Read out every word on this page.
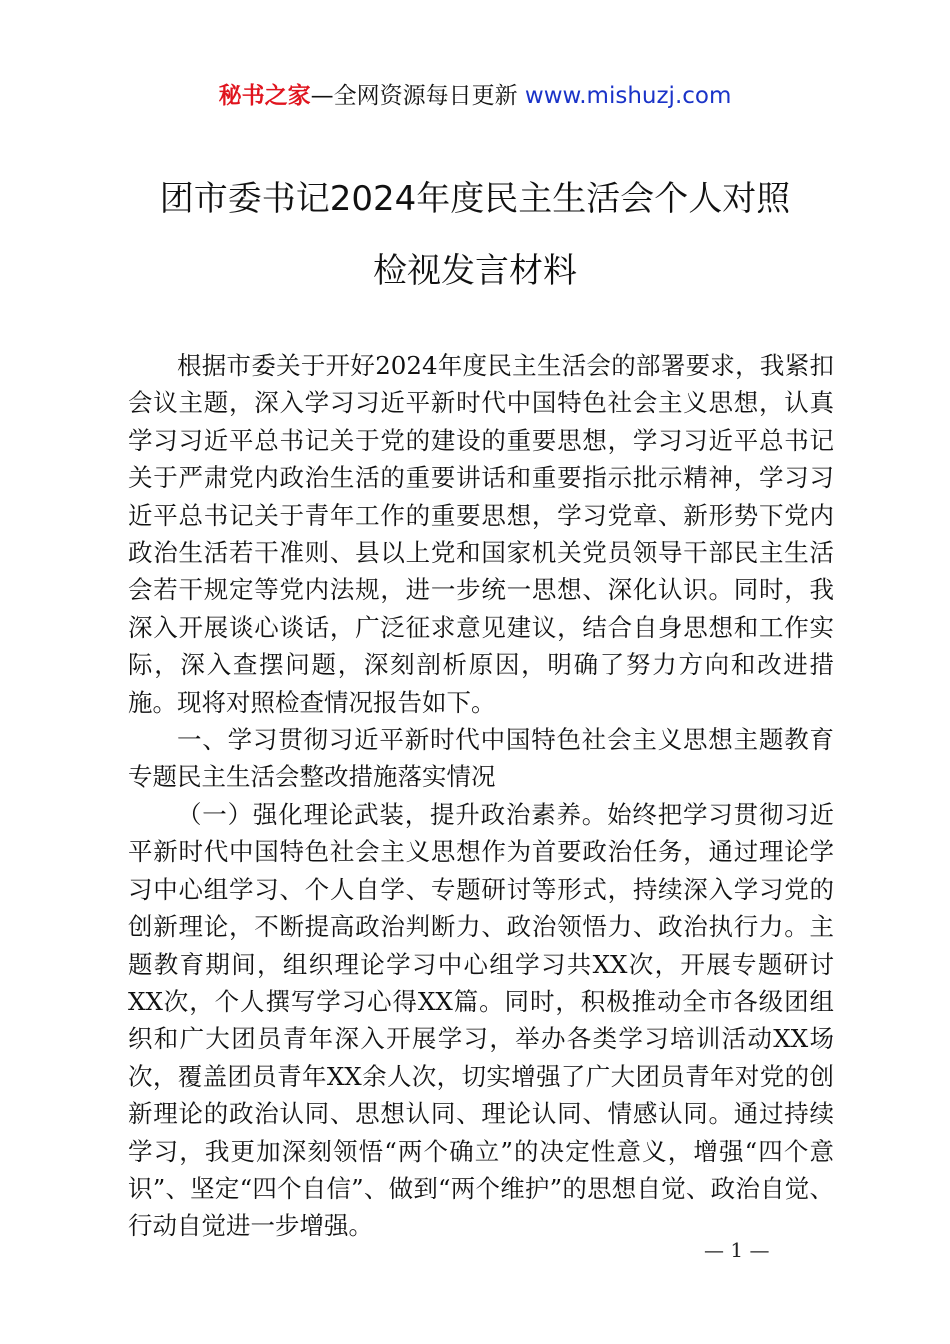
秘书之家—全网资源每日更新 www.mishuzj.com
团市委书记2024年度民主生活会个人对照
检视发言材料

根据市委关于开好2024年度民主生活会的部署要求，我紧扣会议主题，深入学习习近平新时代中国特色社会主义思想，认真学习习近平总书记关于党的建设的重要思想，学习习近平总书记关于严肃党内政治生活的重要讲话和重要指示批示精神，学习习近平总书记关于青年工作的重要思想，学习党章、新形势下党内政治生活若干准则、县以上党和国家机关党员领导干部民主生活会若干规定等党内法规，进一步统一思想、深化认识。同时，我深入开展谈心谈话，广泛征求意见建议，结合自身思想和工作实际，深入查摆问题，深刻剖析原因，明确了努力方向和改进措施。现将对照检查情况报告如下。

一、学习贯彻习近平新时代中国特色社会主义思想主题教育专题民主生活会整改措施落实情况

（一）强化理论武装，提升政治素养。始终把学习贯彻习近平新时代中国特色社会主义思想作为首要政治任务，通过理论学习中心组学习、个人自学、专题研讨等形式，持续深入学习党的创新理论，不断提高政治判断力、政治领悟力、政治执行力。主题教育期间，组织理论学习中心组学习共XX次，开展专题研讨XX次，个人撰写学习心得XX篇。同时，积极推动全市各级团组织和广大团员青年深入开展学习，举办各类学习培训活动XX场次，覆盖团员青年XX余人次，切实增强了广大团员青年对党的创新理论的政治认同、思想认同、理论认同、情感认同。通过持续学习，我更加深刻领悟“两个确立”的决定性意义，增强“四个意识”、坚定“四个自信”、做到“两个维护”的思想自觉、政治自觉、行动自觉进一步增强。

— 1 —
